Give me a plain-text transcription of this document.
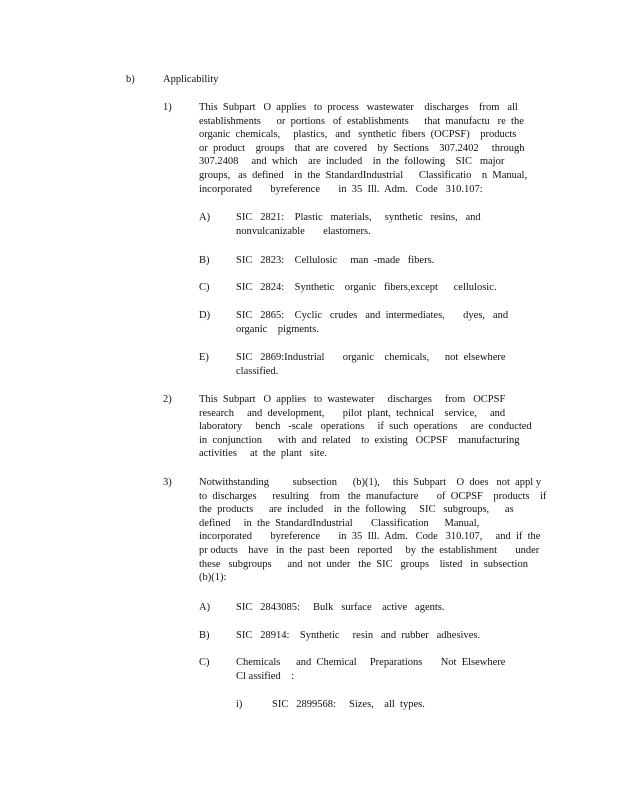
b)	Applicability
1)	This  Subpart   O  applies   to  process   wastewater    discharges    from   all
establishments      or  portions   of  establishments      that  manufactu   re  the
organic  chemicals,     plastics,   and   synthetic  fibers  (OCPSF)    products
or  product    groups    that  are  covered    by  Sections    307.2402     through
307.2408     and  which    are  included    in  the  following    SIC   major
groups,   as  defined    in  the  StandardIndustrial      Classificatio    n  Manual,
incorporated       byreference       in  35  Ill.  Adm.   Code   310.107:
A) SIC   2821:    Plastic   materials,     synthetic   resins,   and
nonvulcanizable       elastomers.
B)	SIC   2823:    Cellulosic     man  -made   fibers.
C)	SIC   2824:    Synthetic    organic   fibers,except      cellulosic.
D) SIC   2865:    Cyclic   crudes   and  intermediates,       dyes,   and
organic    pigments.
E)	SIC   2869:Industrial       organic    chemicals,      not  elsewhere
classified.
2)	This  Subpart   O  applies   to  wastewater     discharges     from   OCPSF
research     and  development,       pilot  plant,  technical    service,     and
laboratory     bench   -scale   operations     if  such  operations     are  conducted
in  conjunction      with  and  related    to  existing   OCPSF    manufacturing
activities     at  the  plant   site.
3)	Notwithstanding         subsection      (b)(1),     this  Subpart    O  does   not  appl y
to  discharges      resulting    from   the  manufacture       of  OCPSF    products    if
the  products      are  included    in  the  following     SIC   subgroups,      as
defined     in  the  StandardIndustrial       Classification      Manual,
incorporated       byreference       in  35  Ill.  Adm.   Code   310.107,     and  if  the
pr oducts    have   in  the  past  been   reported     by  the  establishment       under
these   subgroups      and  not  under   the  SIC   groups    listed   in  subsection
(b)(1):
A) SIC   2843085:     Bulk   surface    active   agents.
B)	SIC   28914:    Synthetic     resin   and  rubber   adhesives.
C)	Chemicals      and  Chemical     Preparations       Not  Elsewhere
Cl assified    :
i)	SIC   2899568:     Sizes,    all  types.
